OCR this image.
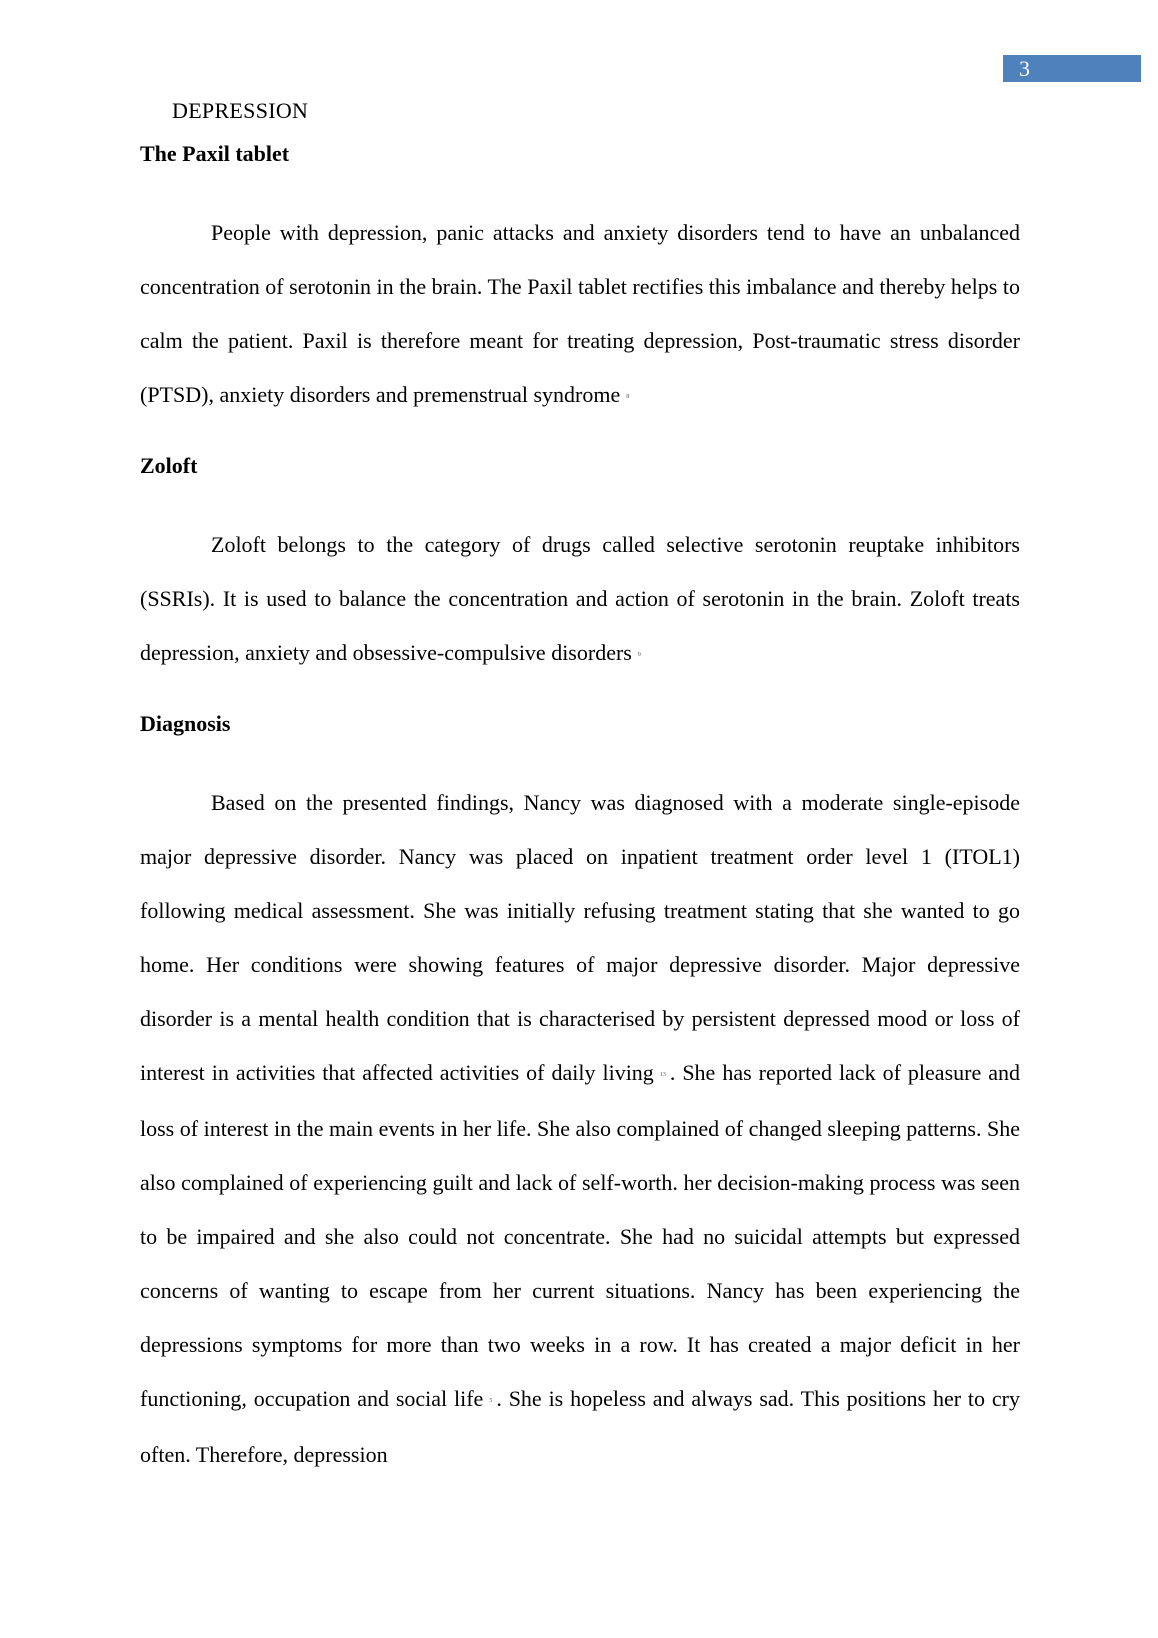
3
DEPRESSION
The Paxil tablet

People with depression, panic attacks and anxiety disorders tend to have an unbalanced concentration of serotonin in the brain. The Paxil tablet rectifies this imbalance and thereby helps to calm the patient. Paxil is therefore meant for treating depression, Post-traumatic stress disorder (PTSD), anxiety disorders and premenstrual syndrome 8

Zoloft

Zoloft belongs to the category of drugs called selective serotonin reuptake inhibitors (SSRIs). It is used to balance the concentration and action of serotonin in the brain. Zoloft treats depression, anxiety and obsessive-compulsive disorders 9

Diagnosis

Based on the presented findings, Nancy was diagnosed with a moderate single-episode major depressive disorder. Nancy was placed on inpatient treatment order level 1 (ITOL1) following medical assessment. She was initially refusing treatment stating that she wanted to go home. Her conditions were showing features of major depressive disorder. Major depressive disorder is a mental health condition that is characterised by persistent depressed mood or loss of interest in activities that affected activities of daily living 13 . She has reported lack of pleasure and loss of interest in the main events in her life. She also complained of changed sleeping patterns. She also complained of experiencing guilt and lack of self-worth. her decision-making process was seen to be impaired and she also could not concentrate. She had no suicidal attempts but expressed concerns of wanting to escape from her current situations. Nancy has been experiencing the depressions symptoms for more than two weeks in a row. It has created a major deficit in her functioning, occupation and social life 5 . She is hopeless and always sad. This positions her to cry often. Therefore, depression
